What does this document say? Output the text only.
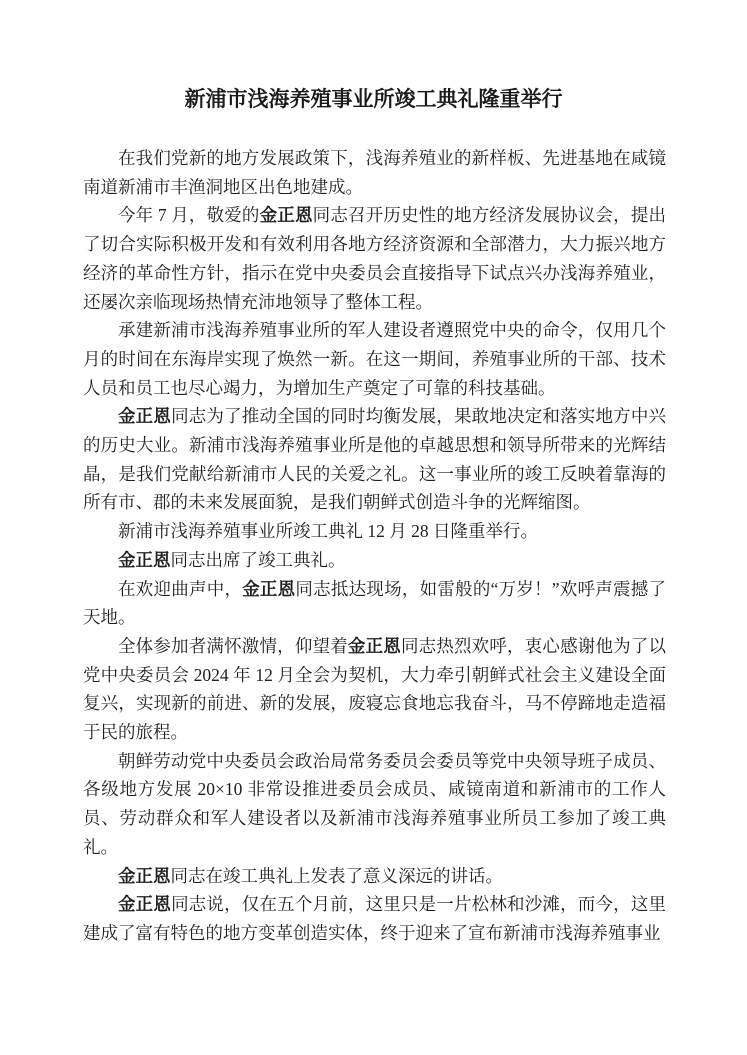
新浦市浅海养殖事业所竣工典礼隆重举行

在我们党新的地方发展政策下，浅海养殖业的新样板、先进基地在咸镜南道新浦市丰渔洞地区出色地建成。

今年 7 月，敬爱的金正恩同志召开历史性的地方经济发展协议会，提出了切合实际积极开发和有效利用各地方经济资源和全部潜力，大力振兴地方经济的革命性方针，指示在党中央委员会直接指导下试点兴办浅海养殖业，还屡次亲临现场热情充沛地领导了整体工程。

承建新浦市浅海养殖事业所的军人建设者遵照党中央的命令，仅用几个月的时间在东海岸实现了焕然一新。在这一期间，养殖事业所的干部、技术人员和员工也尽心竭力，为增加生产奠定了可靠的科技基础。

金正恩同志为了推动全国的同时均衡发展，果敢地决定和落实地方中兴的历史大业。新浦市浅海养殖事业所是他的卓越思想和领导所带来的光辉结晶，是我们党献给新浦市人民的关爱之礼。这一事业所的竣工反映着靠海的所有市、郡的未来发展面貌，是我们朝鲜式创造斗争的光辉缩图。

新浦市浅海养殖事业所竣工典礼 12 月 28 日隆重举行。

金正恩同志出席了竣工典礼。

在欢迎曲声中，金正恩同志抵达现场，如雷般的“万岁！”欢呼声震撼了天地。

全体参加者满怀激情，仰望着金正恩同志热烈欢呼，衷心感谢他为了以党中央委员会 2024 年 12 月全会为契机，大力牵引朝鲜式社会主义建设全面复兴，实现新的前进、新的发展，废寝忘食地忘我奋斗，马不停蹄地走造福于民的旅程。

朝鲜劳动党中央委员会政治局常务委员会委员等党中央领导班子成员、各级地方发展 20×10 非常设推进委员会成员、咸镜南道和新浦市的工作人员、劳动群众和军人建设者以及新浦市浅海养殖事业所员工参加了竣工典礼。

金正恩同志在竣工典礼上发表了意义深远的讲话。

金正恩同志说，仅在五个月前，这里只是一片松林和沙滩，而今，这里建成了富有特色的地方变革创造实体，终于迎来了宣布新浦市浅海养殖事业
